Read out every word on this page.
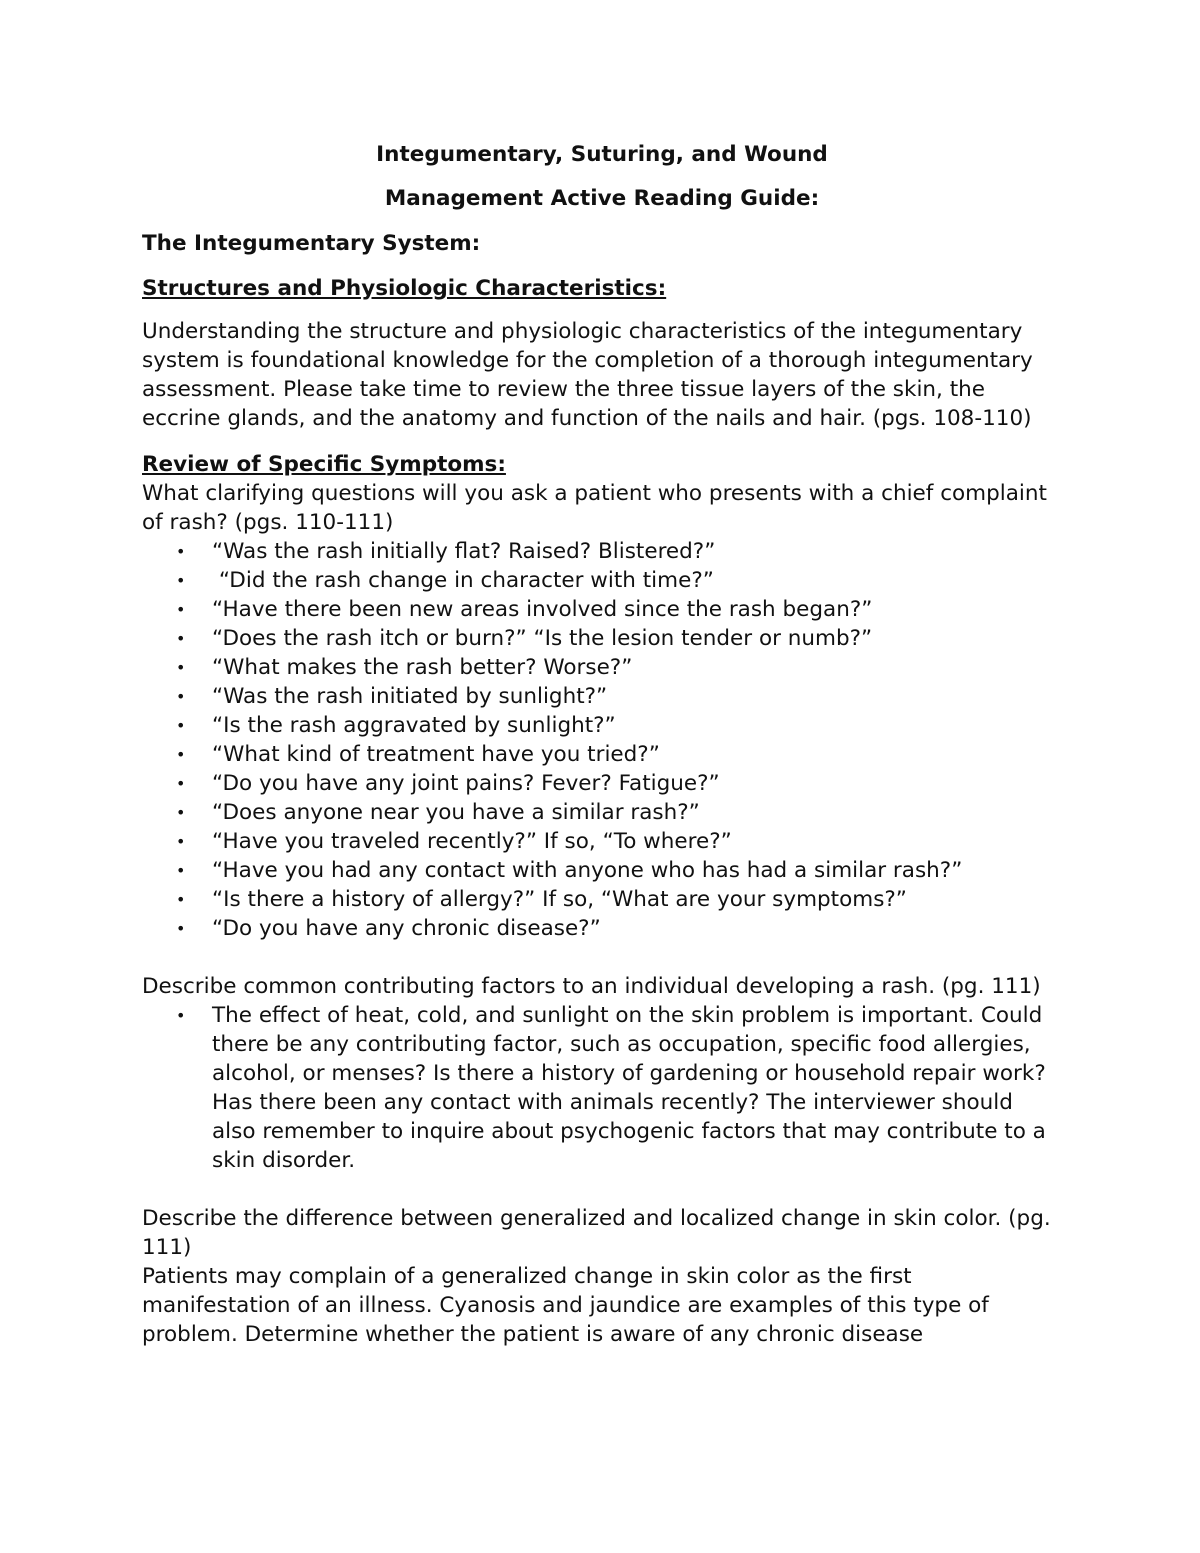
Integumentary, Suturing, and Wound

Management Active Reading Guide:

The Integumentary System:

Structures and Physiologic Characteristics:

Understanding the structure and physiologic characteristics of the integumentary system is foundational knowledge for the completion of a thorough integumentary assessment. Please take time to review the three tissue layers of the skin, the eccrine glands, and the anatomy and function of the nails and hair. (pgs. 108-110)

Review of Specific Symptoms:

What clarifying questions will you ask a patient who presents with a chief complaint of rash? (pgs. 110-111)

• “Was the rash initially flat? Raised? Blistered?”
• “Did the rash change in character with time?”
• “Have there been new areas involved since the rash began?”
• “Does the rash itch or burn?” “Is the lesion tender or numb?”
• “What makes the rash better? Worse?”
• “Was the rash initiated by sunlight?”
• “Is the rash aggravated by sunlight?”
• “What kind of treatment have you tried?”
• “Do you have any joint pains? Fever? Fatigue?”
• “Does anyone near you have a similar rash?”
• “Have you traveled recently?” If so, “To where?”
• “Have you had any contact with anyone who has had a similar rash?”
• “Is there a history of allergy?” If so, “What are your symptoms?”
• “Do you have any chronic disease?”

Describe common contributing factors to an individual developing a rash. (pg. 111)

• The effect of heat, cold, and sunlight on the skin problem is important. Could there be any contributing factor, such as occupation, specific food allergies, alcohol, or menses? Is there a history of gardening or household repair work? Has there been any contact with animals recently? The interviewer should also remember to inquire about psychogenic factors that may contribute to a skin disorder.

Describe the difference between generalized and localized change in skin color. (pg. 111)

Patients may complain of a generalized change in skin color as the first manifestation of an illness. Cyanosis and jaundice are examples of this type of problem. Determine whether the patient is aware of any chronic disease
